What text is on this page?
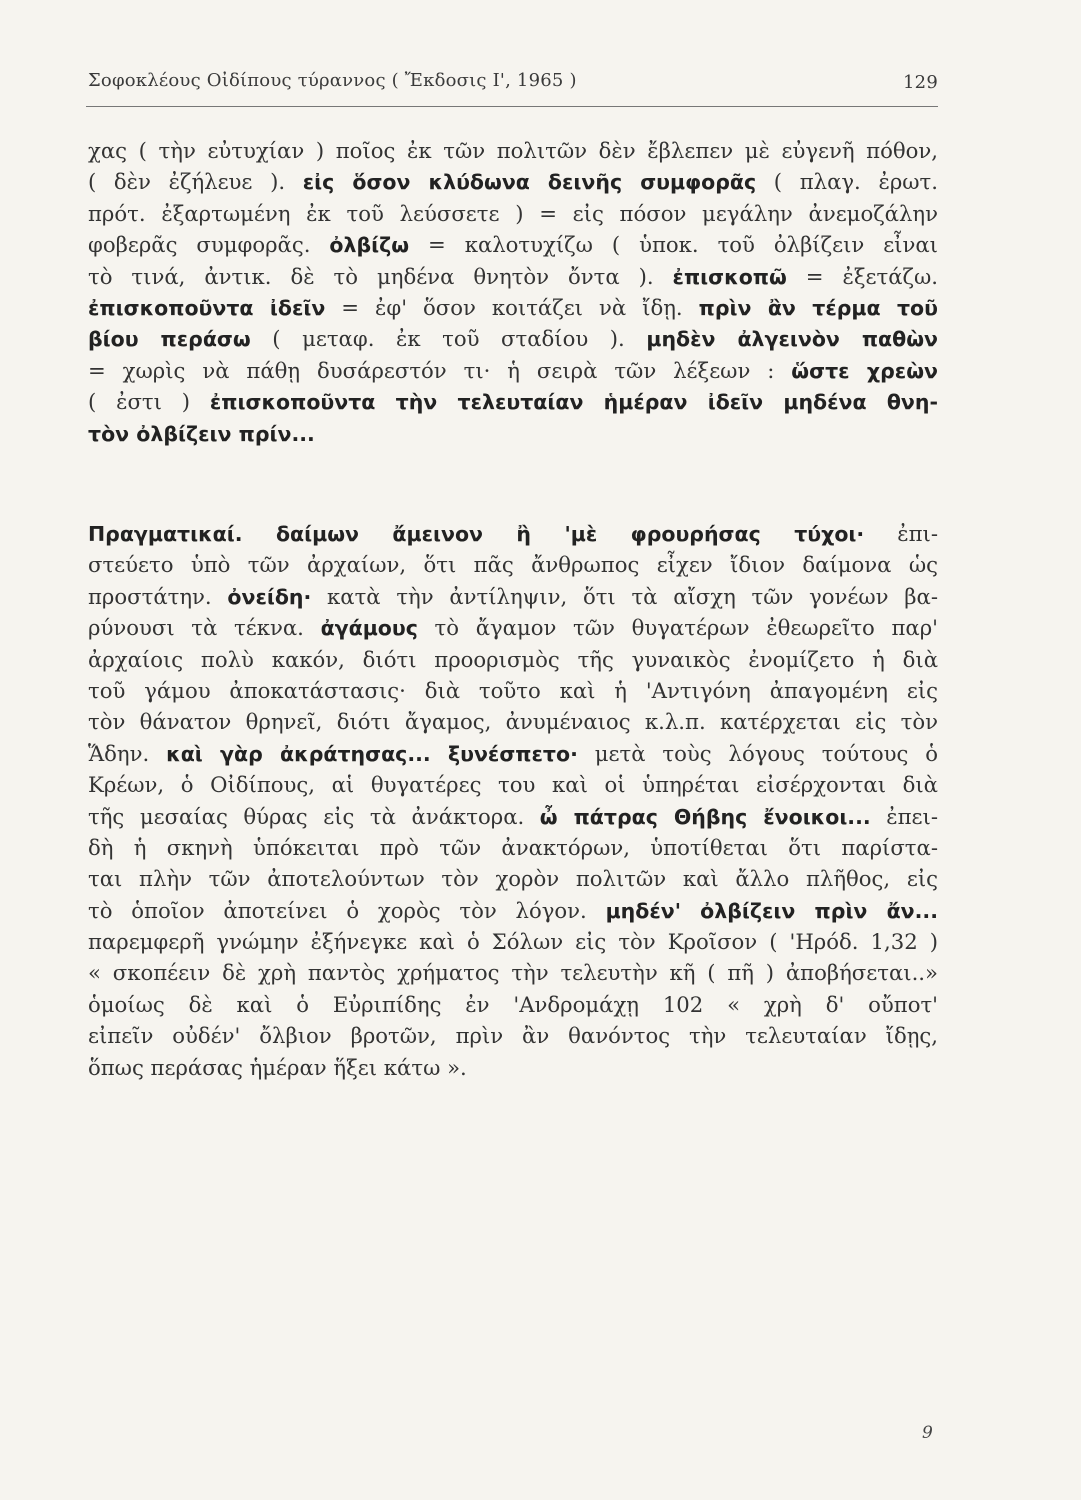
Σοφοκλέους Οἰδίπους τύραννος ( Ἔκδοσις Ι', 1965 )	129
χας ( τὴν εὐτυχίαν ) ποῖος ἐκ τῶν πολιτῶν δὲν ἔβλεπεν μὲ εὐγενῆ πόθον,
( δὲν ἐζήλευε ). εἰς ὅσον κλύδωνα δεινῆς συμφορᾶς ( πλαγ. ἐρωτ.
πρότ. ἐξαρτωμένη ἐκ τοῦ λεύσσετε ) = εἰς πόσον μεγάλην ἀνεμοζάλην
φοβερᾶς συμφορᾶς. ὀλβίζω = καλοτυχίζω ( ὑποκ. τοῦ ὀλβίζειν εἶναι
τὸ τινά, ἀντικ. δὲ τὸ μηδένα θνητὸν ὄντα ). ἐπισκοπῶ = ἐξετάζω.
ἐπισκοποῦντα ἰδεῖν = ἐφ' ὅσον κοιτάζει νὰ ἴδῃ. πρὶν ἂν τέρμα τοῦ
βίου περάσω ( μεταφ. ἐκ τοῦ σταδίου ). μηδὲν ἀλγεινὸν παθὼν
= χωρὶς νὰ πάθῃ δυσάρεστόν τι· ἡ σειρὰ τῶν λέξεων : ὥστε χρεὼν
( ἐστι ) ἐπισκοποῦντα τὴν τελευταίαν ἡμέραν ἰδεῖν μηδένα θνη-
τὸν ὀλβίζειν πρίν...
Πραγματικαί. δαίμων ἄμεινον ἢ 'μὲ φρουρήσας τύχοι· ἐπι-
στεύετο ὑπὸ τῶν ἀρχαίων, ὅτι πᾶς ἄνθρωπος εἶχεν ἴδιον δαίμονα ὡς
προστάτην. ὀνείδη· κατὰ τὴν ἀντίληψιν, ὅτι τὰ αἴσχη τῶν γονέων βα-
ρύνουσι τὰ τέκνα. ἀγάμους τὸ ἄγαμον τῶν θυγατέρων ἐθεωρεῖτο παρ'
ἀρχαίοις πολὺ κακόν, διότι προορισμὸς τῆς γυναικὸς ἐνομίζετο ἡ διὰ
τοῦ γάμου ἀποκατάστασις· διὰ τοῦτο καὶ ἡ 'Αντιγόνη ἀπαγομένη εἰς
τὸν θάνατον θρηνεῖ, διότι ἄγαμος, ἀνυμέναιος κ.λ.π. κατέρχεται εἰς τὸν
Ἅδην. καὶ γὰρ ἀκράτησας... ξυνέσπετο· μετὰ τοὺς λόγους τούτους ὁ
Κρέων, ὁ Οἰδίπους, αἱ θυγατέρες του καὶ οἱ ὑπηρέται εἰσέρχονται διὰ
τῆς μεσαίας θύρας εἰς τὰ ἀνάκτορα. ὦ πάτρας Θήβης ἔνοικοι... ἐπει-
δὴ ἡ σκηνὴ ὑπόκειται πρὸ τῶν ἀνακτόρων, ὑποτίθεται ὅτι παρίστα-
ται πλὴν τῶν ἀποτελούντων τὸν χορὸν πολιτῶν καὶ ἄλλο πλῆθος, εἰς
τὸ ὁποῖον ἀποτείνει ὁ χορὸς τὸν λόγον. μηδέν' ὀλβίζειν πρὶν ἄν...
παρεμφερῆ γνώμην ἐξήνεγκε καὶ ὁ Σόλων εἰς τὸν Κροῖσον ( 'Ηρόδ. 1,32 )
« σκοπέειν δὲ χρὴ παντὸς χρήματος τὴν τελευτὴν κῆ ( πῆ ) ἀποβήσεται..»
ὁμοίως δὲ καὶ ὁ Εὐριπίδης ἐν 'Ανδρομάχῃ 102 « χρὴ δ' οὔποτ'
εἰπεῖν οὐδέν' ὄλβιον βροτῶν, πρὶν ἂν θανόντος τὴν τελευταίαν ἴδῃς,
ὅπως περάσας ἡμέραν ἥξει κάτω ».
9
